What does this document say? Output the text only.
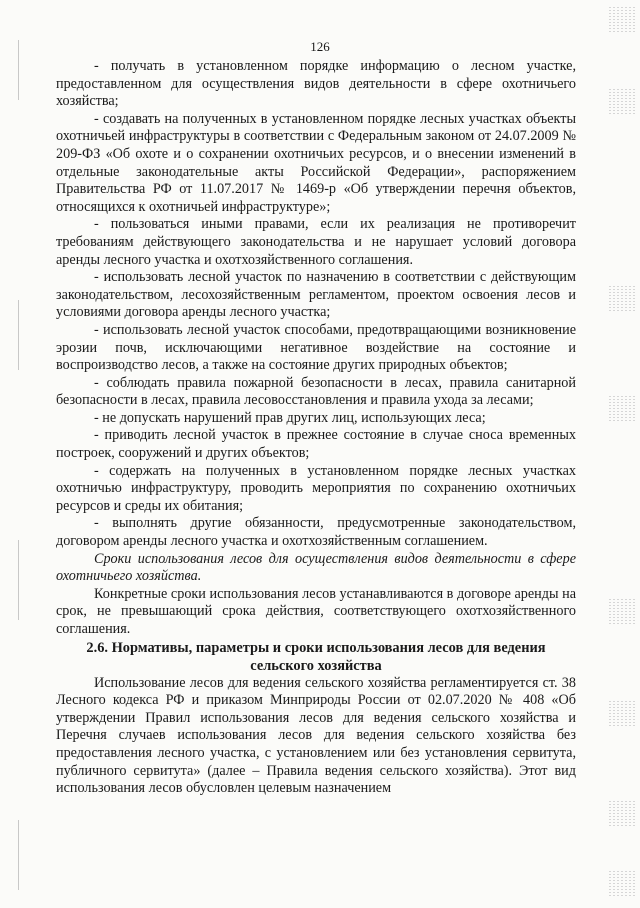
126

- получать в установленном порядке информацию о лесном участке, предоставленном для осуществления видов деятельности в сфере охотничьего хозяйства;

- создавать на полученных в установленном порядке лесных участках объекты охотничьей инфраструктуры в соответствии с Федеральным законом от 24.07.2009 № 209-ФЗ «Об охоте и о сохранении охотничьих ресурсов, и о внесении изменений в отдельные законодательные акты Российской Федерации», распоряжением Правительства РФ от 11.07.2017 № 1469-р «Об утверждении перечня объектов, относящихся к охотничьей инфраструктуре»;

- пользоваться иными правами, если их реализация не противоречит требованиям действующего законодательства и не нарушает условий договора аренды лесного участка и охотхозяйственного соглашения.

- использовать лесной участок по назначению в соответствии с действующим законодательством, лесохозяйственным регламентом, проектом освоения лесов и условиями договора аренды лесного участка;

- использовать лесной участок способами, предотвращающими возникновение эрозии почв, исключающими негативное воздействие на состояние и воспроизводство лесов, а также на состояние других природных объектов;

- соблюдать правила пожарной безопасности в лесах, правила санитарной безопасности в лесах, правила лесовосстановления и правила ухода за лесами;

- не допускать нарушений прав других лиц, использующих леса;

- приводить лесной участок в прежнее состояние в случае сноса временных построек, сооружений и других объектов;

- содержать на полученных в установленном порядке лесных участках охотничью инфраструктуру, проводить мероприятия по сохранению охотничьих ресурсов и среды их обитания;

- выполнять другие обязанности, предусмотренные законодательством, договором аренды лесного участка и охотхозяйственным соглашением.

Сроки использования лесов для осуществления видов деятельности в сфере охотничьего хозяйства.

Конкретные сроки использования лесов устанавливаются в договоре аренды на срок, не превышающий срока действия, соответствующего охотхозяйственного соглашения.

2.6. Нормативы, параметры и сроки использования лесов для ведения сельского хозяйства

Использование лесов для ведения сельского хозяйства регламентируется ст. 38 Лесного кодекса РФ и приказом Минприроды России от 02.07.2020 № 408 «Об утверждении Правил использования лесов для ведения сельского хозяйства и Перечня случаев использования лесов для ведения сельского хозяйства без предоставления лесного участка, с установлением или без установления сервитута, публичного сервитута» (далее – Правила ведения сельского хозяйства). Этот вид использования лесов обусловлен целевым назначением
